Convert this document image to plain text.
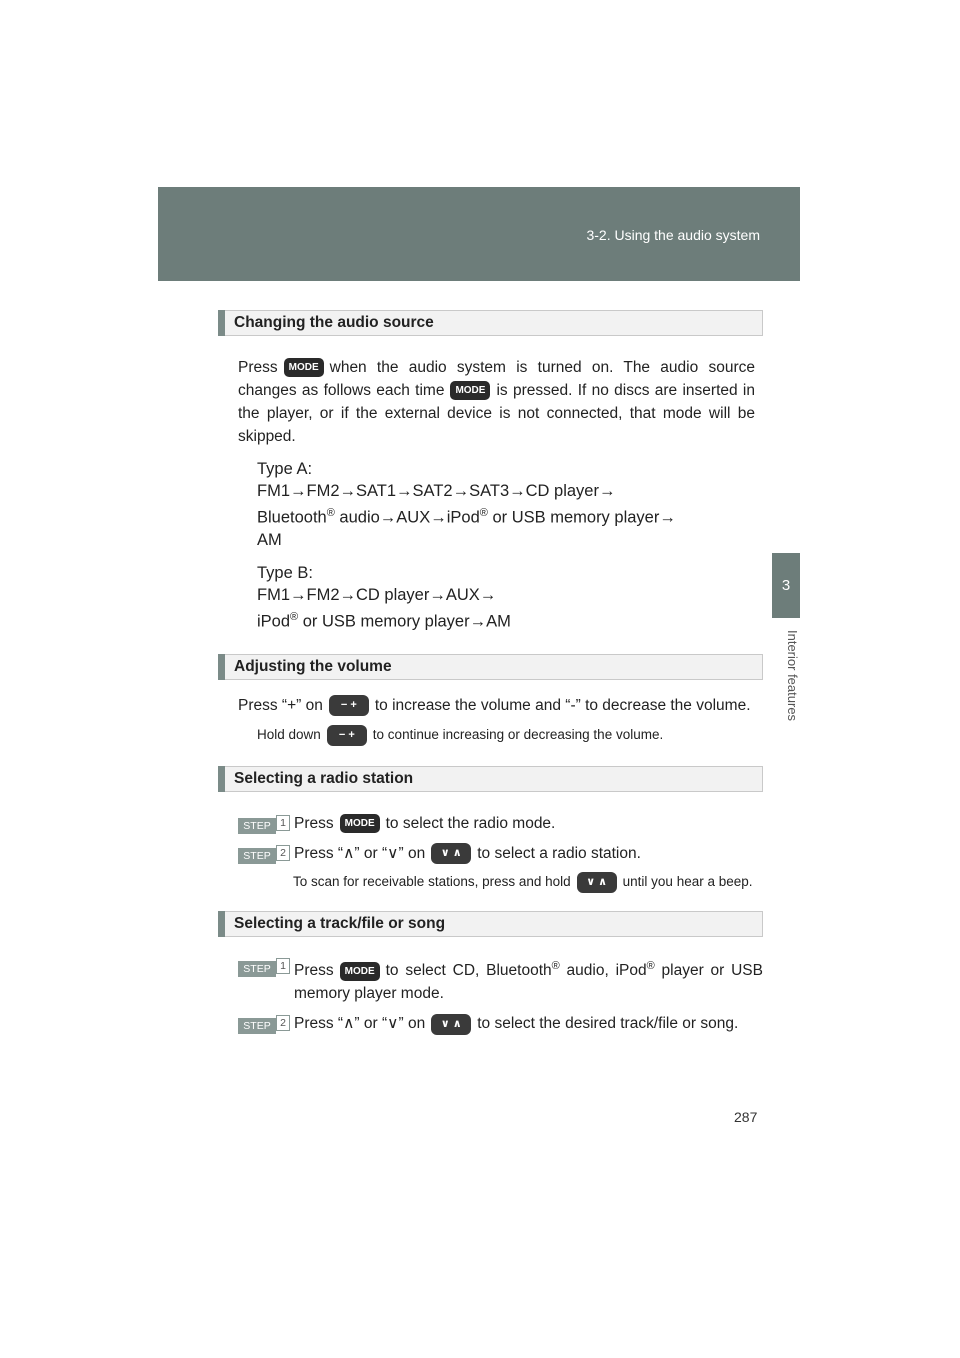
3-2. Using the audio system
3
Interior features
Changing the audio source

Press MODE when the audio system is turned on. The audio source changes as follows each time MODE is pressed. If no discs are inserted in the player, or if the external device is not connected, that mode will be skipped.

Type A:
FM1→FM2→SAT1→SAT2→SAT3→CD player→
Bluetooth® audio→AUX→iPod® or USB memory player→
AM
Type B:
FM1→FM2→CD player→AUX→
iPod® or USB memory player→AM
Adjusting the volume

Press “+” on − + to increase the volume and “-” to decrease the volume.

Hold down − + to continue increasing or decreasing the volume.

Selecting a radio station
STEP 1 Press MODE to select the radio mode.
STEP 2 Press “∧” or “∨” on ∨ ∧ to select a radio station.

To scan for receivable stations, press and hold ∨ ∧ until you hear a beep.

Selecting a track/file or song
STEP 1 Press MODE to select CD, Bluetooth® audio, iPod® player or USB memory player mode.
STEP 2 Press “∧” or “∨” on ∨ ∧ to select the desired track/file or song.
287
